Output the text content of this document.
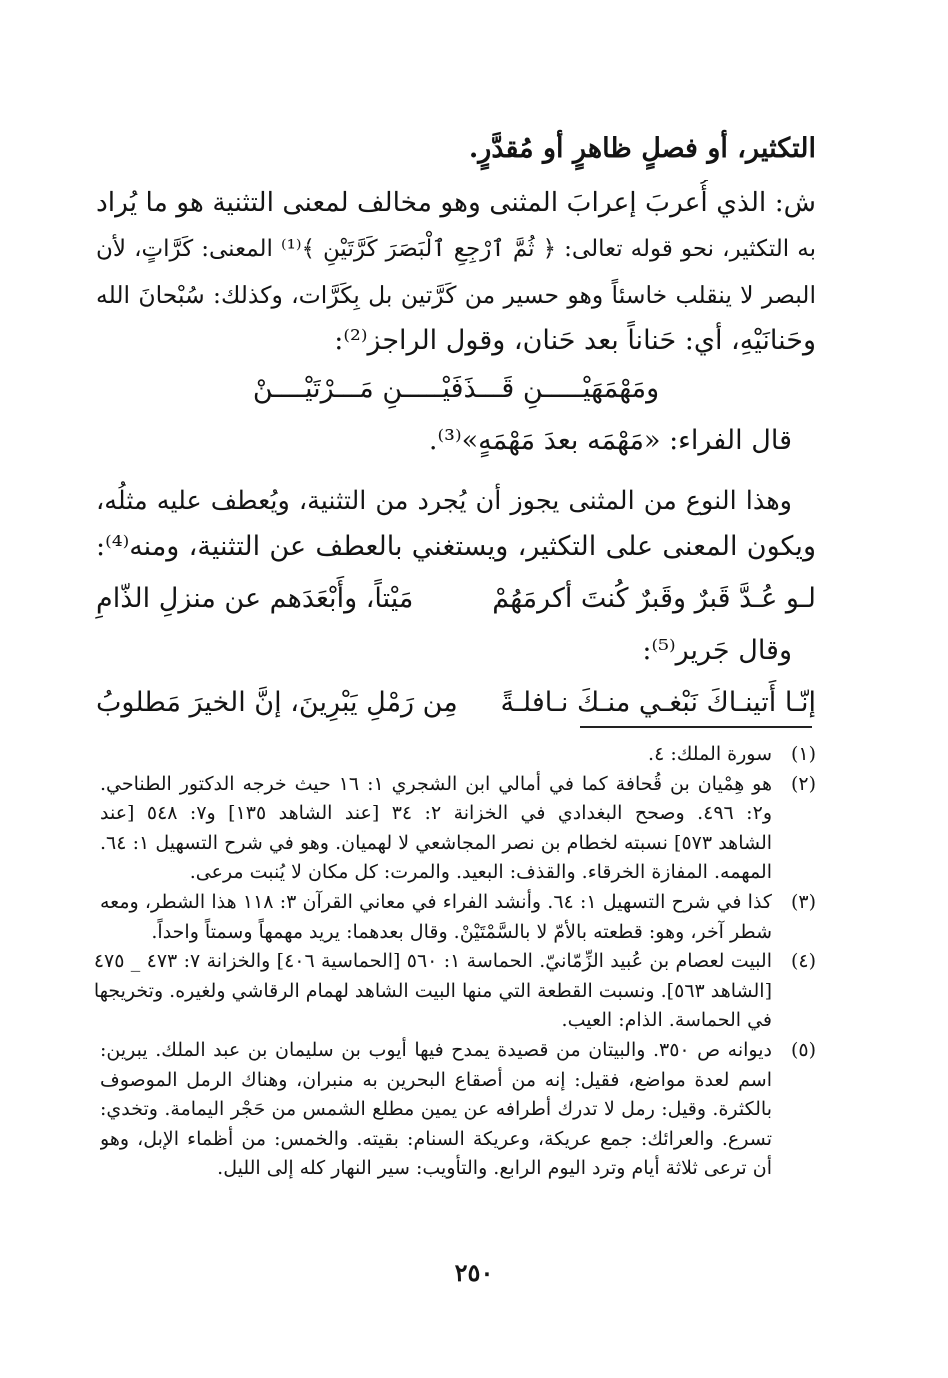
التكثير، أو فصلٍ ظاهرٍ أو مُقدَّرٍ.
ش: الذي أُعربَ إعرابَ المثنى وهو مخالف لمعنى التثنية هو ما يُراد
به التكثير، نحو قوله تعالى: ﴿ ثُمَّ ٱرْجِعِ ٱلْبَصَرَ كَرَّتَيْنِ ﴾⁽¹⁾ المعنى: كَرَّاتٍ، لأن
البصر لا ينقلب خاسئاً وهو حسير من كَرَّتين بل بِكَرَّات، وكذلك: سُبْحانَ الله
وحَنانَيْهِ، أي: حَناناً بعد حَنان، وقول الراجز⁽²⁾:
ومَهْمَهَيْـــــنِ قَـــذَفَيْـــــنِ مَـــرْتَيْــــنْ
قال الفراء: «مَهْمَه بعدَ مَهْمَهٍ»⁽³⁾.
وهذا النوع من المثنى يجوز أن يُجرد من التثنية، ويُعطف عليه مثلُه،
ويكون المعنى على التكثير، ويستغني بالعطف عن التثنية، ومنه⁽⁴⁾:
لـو عُـدَّ قَبرٌ وقَبرٌ كُنتَ أكرمَهُمْ
مَيْتاً، وأَبْعَدَهم عن منزلِ الذّامِ
وقال جَرير⁽⁵⁾:
إنّـا أَتينـاكَ نَبْغـي منـكَ نـافلـةً
مِن رَمْلِ يَبْرِينَ، إنَّ الخيرَ مَطلوبُ
(١)
سورة الملك: ٤.
(٢)
هو هِمْيان بن قُحافة كما في أمالي ابن الشجري ١: ١٦ حيث خرجه الدكتور الطناحي.
و٢: ٤٩٦. وصحح البغدادي في الخزانة ٢: ٣٤ [عند الشاهد ١٣٥] و٧: ٥٤٨ [عند
الشاهد ٥٧٣] نسبته لخطام بن نصر المجاشعي لا لهميان. وهو في شرح التسهيل ١: ٦٤.
المهمه. المفازة الخرقاء. والقذف: البعيد. والمرت: كل مكان لا يُنبت مرعى.
(٣)
كذا في شرح التسهيل ١: ٦٤. وأنشد الفراء في معاني القرآن ٣: ١١٨ هذا الشطر، ومعه
شطر آخر، وهو: قطعته بالأمّ لا بالسَّمْتَيْنْ. وقال بعدهما: يريد مهمهاً وسمتاً واحداً.
(٤)
البيت لعصام بن عُبيد الزِّمّانيّ. الحماسة ١: ٥٦٠ [الحماسية ٤٠٦] والخزانة ٧: ٤٧٣ _ ٤٧٥
[الشاهد ٥٦٣]. ونسبت القطعة التي منها البيت الشاهد لهمام الرقاشي ولغيره. وتخريجها
في الحماسة. الذام: العيب.
(٥)
ديوانه ص ٣٥٠. والبيتان من قصيدة يمدح فيها أيوب بن سليمان بن عبد الملك. يبرين:
اسم لعدة مواضع، فقيل: إنه من أصقاع البحرين به منبران، وهناك الرمل الموصوف
بالكثرة. وقيل: رمل لا تدرك أطرافه عن يمين مطلع الشمس من حَجْر اليمامة. وتخدي:
تسرع. والعرائك: جمع عريكة، وعريكة السنام: بقيته. والخمس: من أظماء الإبل، وهو
أن ترعى ثلاثة أيام وترد اليوم الرابع. والتأويب: سير النهار كله إلى الليل.
٢٥٠
